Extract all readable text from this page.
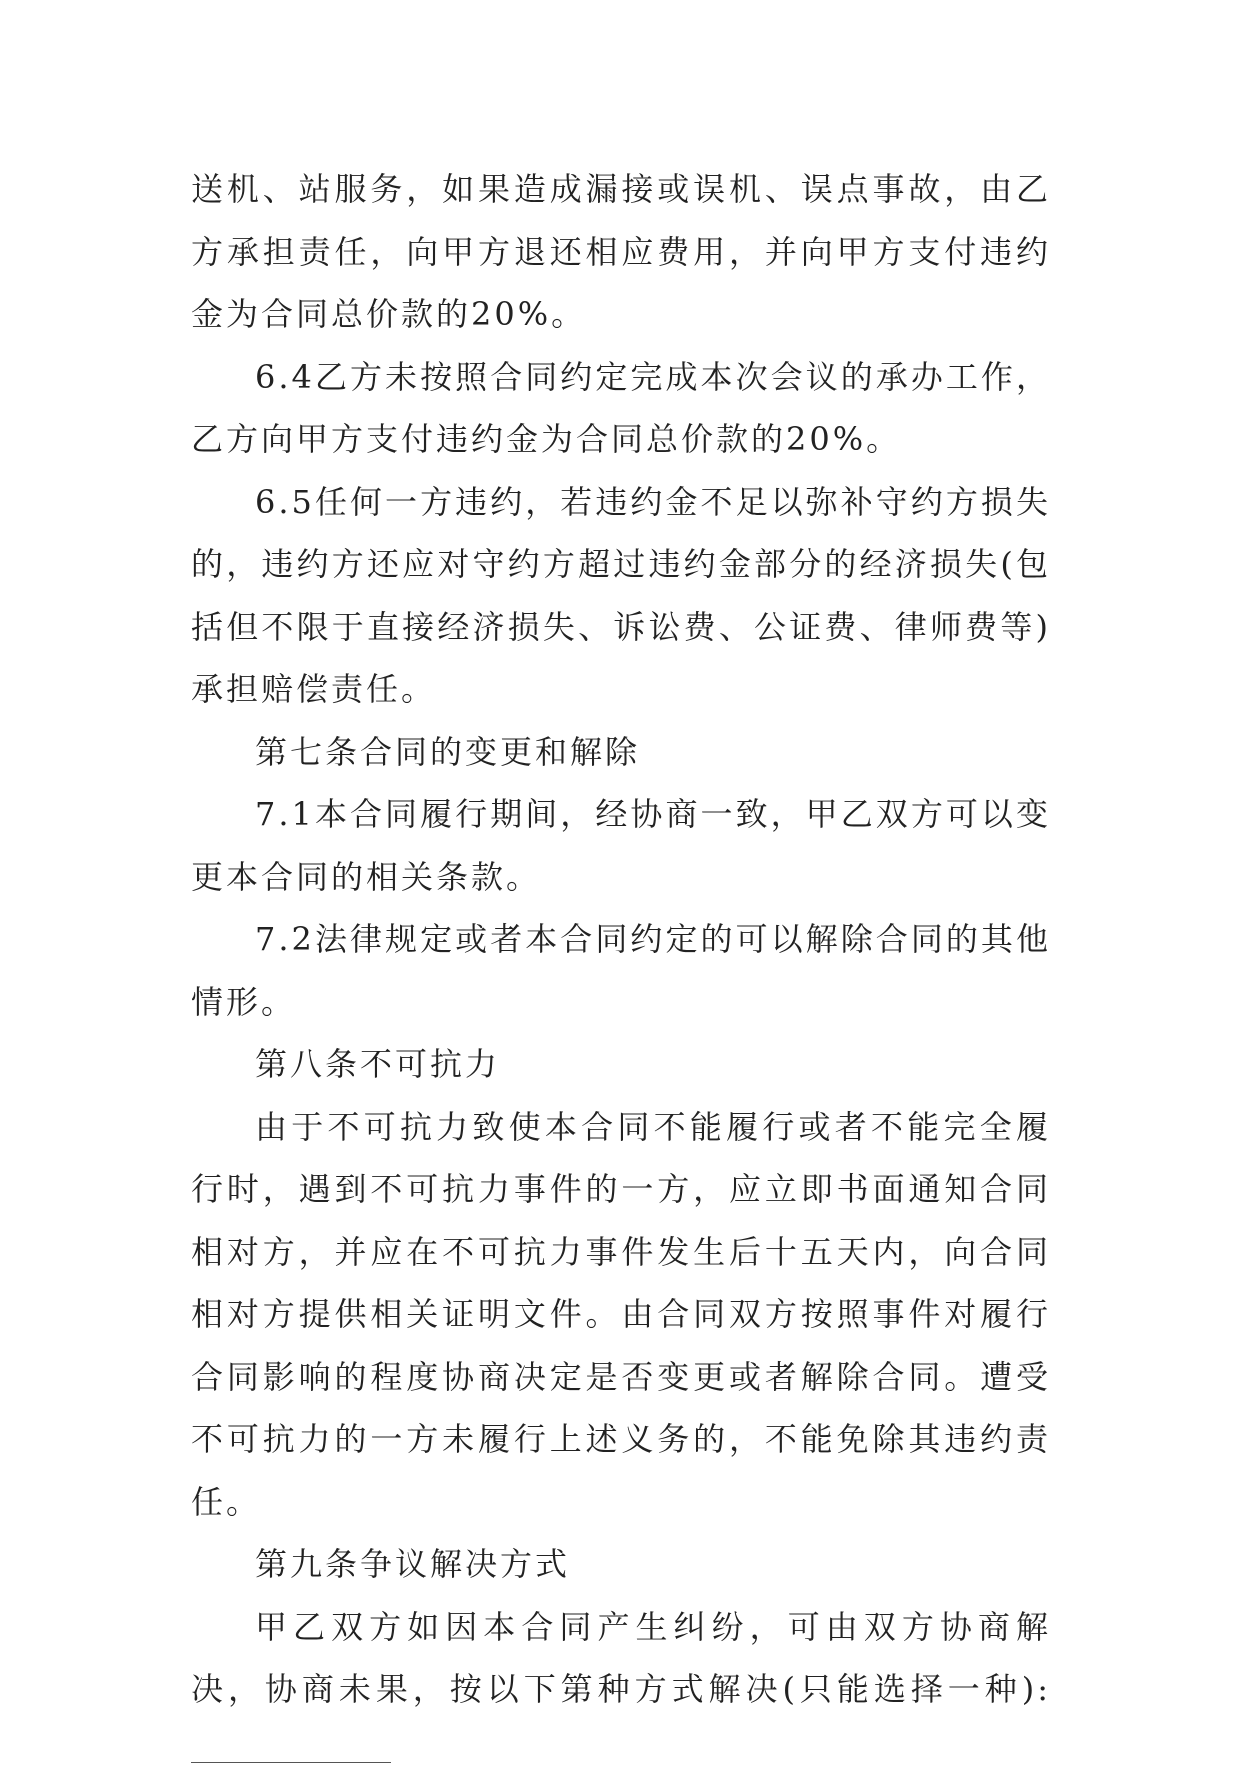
送机、站服务，如果造成漏接或误机、误点事故，由乙方承担责任，向甲方退还相应费用，并向甲方支付违约金为合同总价款的20%。

6.4乙方未按照合同约定完成本次会议的承办工作，乙方向甲方支付违约金为合同总价款的20%。

6.5任何一方违约，若违约金不足以弥补守约方损失的，违约方还应对守约方超过违约金部分的经济损失(包括但不限于直接经济损失、诉讼费、公证费、律师费等)承担赔偿责任。

第七条合同的变更和解除

7.1本合同履行期间，经协商一致，甲乙双方可以变更本合同的相关条款。

7.2法律规定或者本合同约定的可以解除合同的其他情形。

第八条不可抗力

由于不可抗力致使本合同不能履行或者不能完全履行时，遇到不可抗力事件的一方，应立即书面通知合同相对方，并应在不可抗力事件发生后十五天内，向合同相对方提供相关证明文件。由合同双方按照事件对履行合同影响的程度协商决定是否变更或者解除合同。遭受不可抗力的一方未履行上述义务的，不能免除其违约责任。

第九条争议解决方式

甲乙双方如因本合同产生纠纷，可由双方协商解决，协商未果，按以下第种方式解决(只能选择一种):
